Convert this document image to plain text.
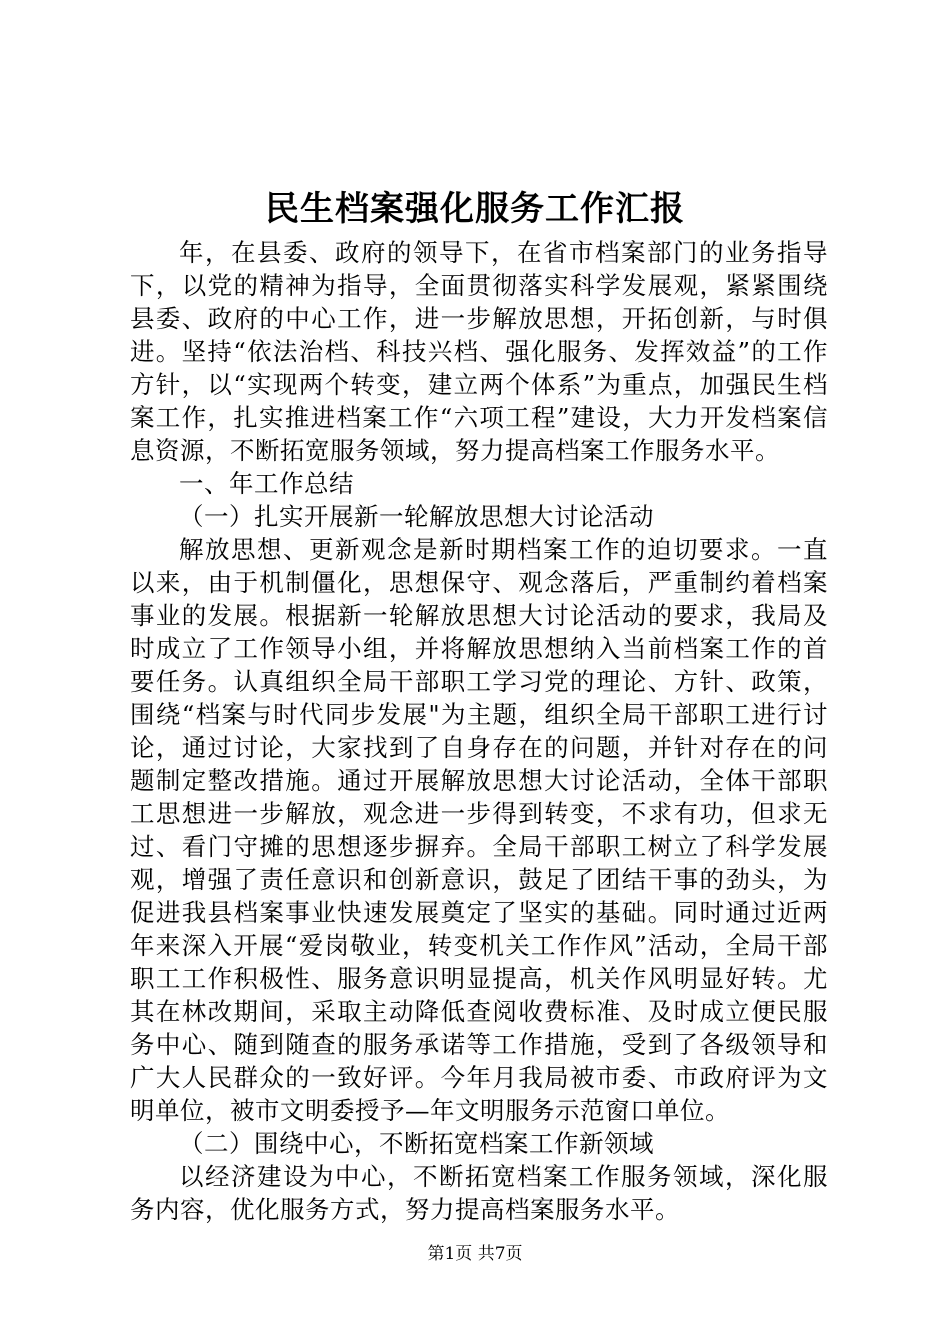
民生档案强化服务工作汇报

年，在县委、政府的领导下，在省市档案部门的业务指导下，以党的精神为指导，全面贯彻落实科学发展观，紧紧围绕县委、政府的中心工作，进一步解放思想，开拓创新，与时俱进。坚持“依法治档、科技兴档、强化服务、发挥效益”的工作方针，以“实现两个转变，建立两个体系”为重点，加强民生档案工作，扎实推进档案工作“六项工程”建设，大力开发档案信息资源，不断拓宽服务领域，努力提高档案工作服务水平。

一、年工作总结

（一）扎实开展新一轮解放思想大讨论活动

解放思想、更新观念是新时期档案工作的迫切要求。一直以来，由于机制僵化，思想保守、观念落后，严重制约着档案事业的发展。根据新一轮解放思想大讨论活动的要求，我局及时成立了工作领导小组，并将解放思想纳入当前档案工作的首要任务。认真组织全局干部职工学习党的理论、方针、政策，围绕“档案与时代同步发展"为主题，组织全局干部职工进行讨论，通过讨论，大家找到了自身存在的问题，并针对存在的问题制定整改措施。通过开展解放思想大讨论活动，全体干部职工思想进一步解放，观念进一步得到转变，不求有功，但求无过、看门守摊的思想逐步摒弃。全局干部职工树立了科学发展观，增强了责任意识和创新意识，鼓足了团结干事的劲头，为促进我县档案事业快速发展奠定了坚实的基础。同时通过近两年来深入开展“爱岗敬业，转变机关工作作风”活动，全局干部职工工作积极性、服务意识明显提高，机关作风明显好转。尤其在林改期间，采取主动降低查阅收费标准、及时成立便民服务中心、随到随查的服务承诺等工作措施，受到了各级领导和广大人民群众的一致好评。今年月我局被市委、市政府评为文明单位，被市文明委授予—年文明服务示范窗口单位。

（二）围绕中心，不断拓宽档案工作新领域

以经济建设为中心，不断拓宽档案工作服务领域，深化服务内容，优化服务方式，努力提高档案服务水平。

第1页 共7页
